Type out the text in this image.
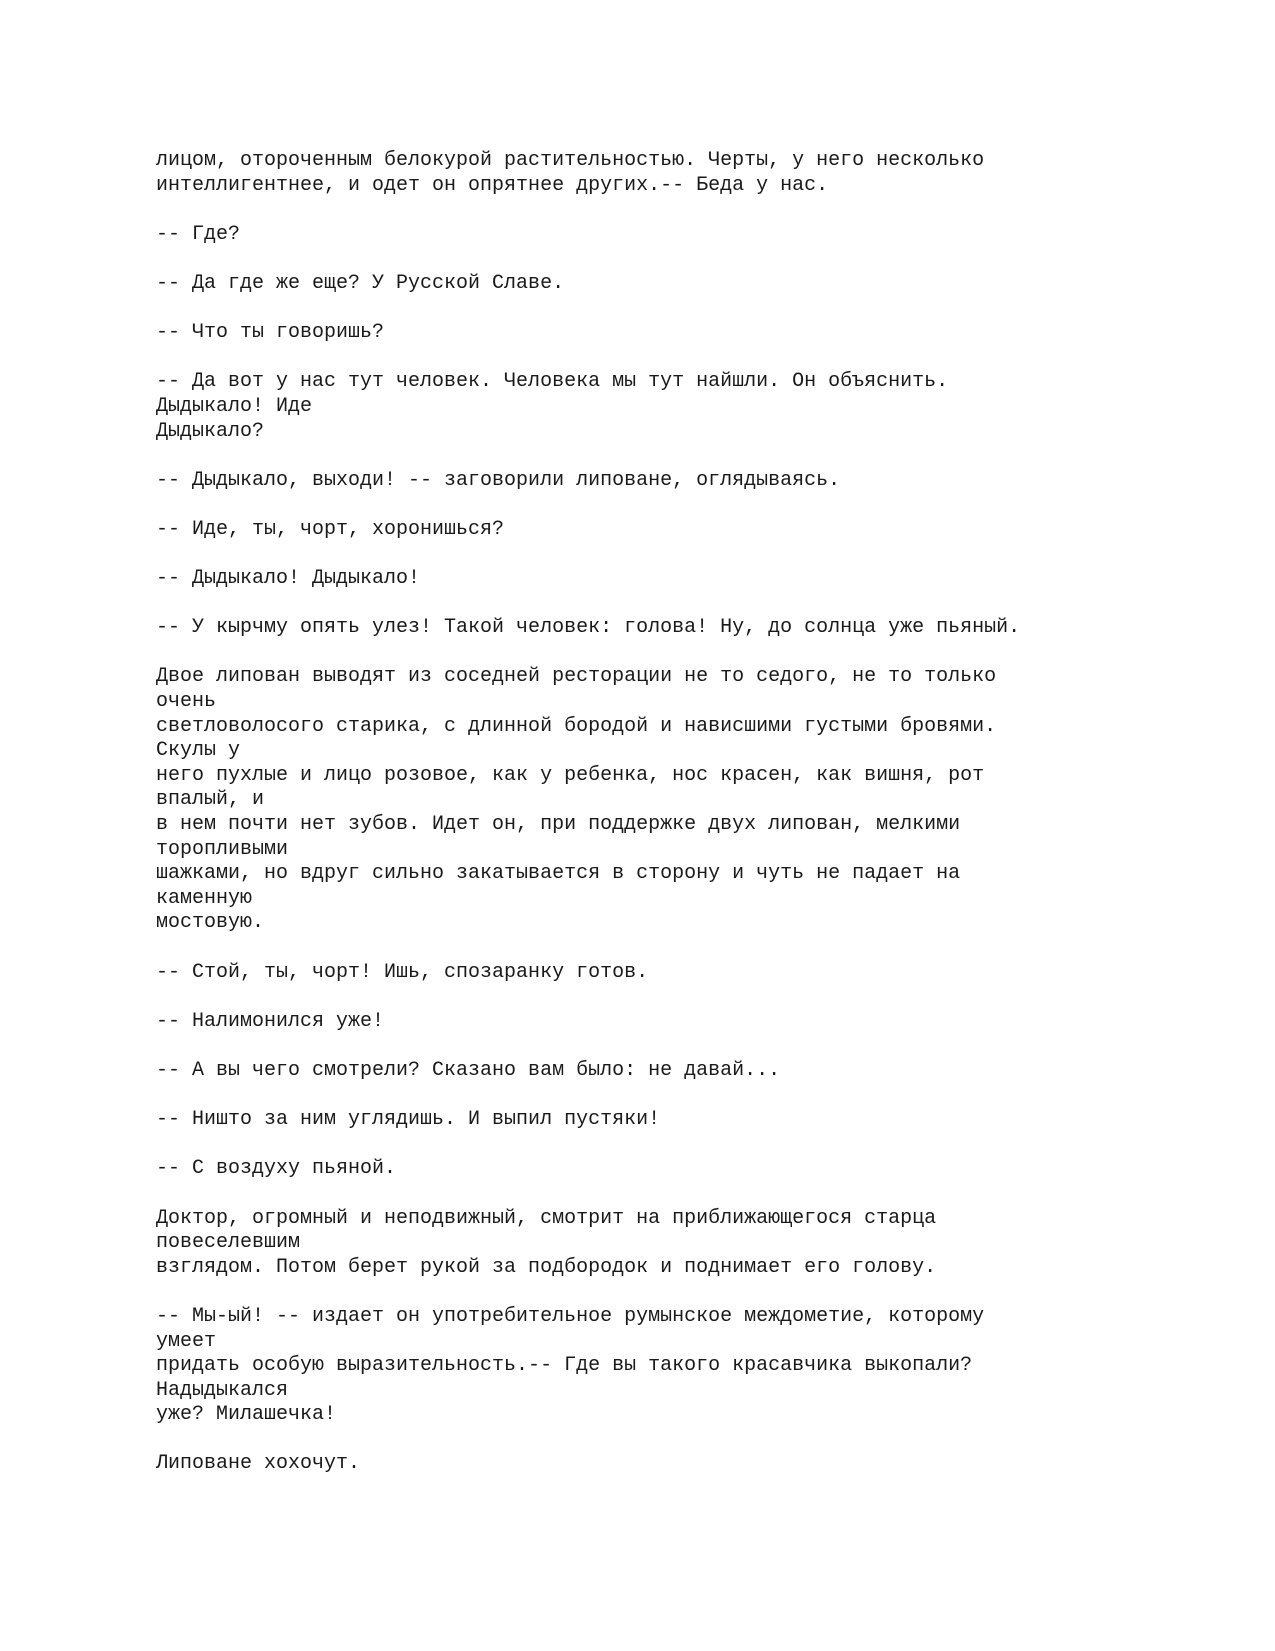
лицом, отороченным белокурой растительностью. Черты, у него несколько
интеллигентнее, и одет он опрятнее других.-- Беда у нас.
-- Где?
-- Да где же еще? У Русской Славе.
-- Что ты говоришь?
-- Да вот у нас тут человек. Человека мы тут найшли. Он объяснить.
Дыдыкало! Иде
Дыдыкало?
-- Дыдыкало, выходи! -- заговорили липоване, оглядываясь.
-- Иде, ты, чорт, хоронишься?
-- Дыдыкало! Дыдыкало!
-- У кырчму опять улез! Такой человек: голова! Ну, до солнца уже пьяный.
Двое липован выводят из соседней ресторации не то седого, не то только
очень
светловолосого старика, с длинной бородой и нависшими густыми бровями.
Скулы у
него пухлые и лицо розовое, как у ребенка, нос красен, как вишня, рот
впалый, и
в нем почти нет зубов. Идет он, при поддержке двух липован, мелкими
торопливыми
шажками, но вдруг сильно закатывается в сторону и чуть не падает на
каменную
мостовую.
-- Стой, ты, чорт! Ишь, спозаранку готов.
-- Налимонился уже!
-- А вы чего смотрели? Сказано вам было: не давай...
-- Ништо за ним углядишь. И выпил пустяки!
-- С воздуху пьяной.
Доктор, огромный и неподвижный, смотрит на приближающегося старца
повеселевшим
взглядом. Потом берет рукой за подбородок и поднимает его голову.
-- Мы-ый! -- издает он употребительное румынское междометие, которому
умеет
придать особую выразительность.-- Где вы такого красавчика выкопали?
Надыдыкался
уже? Милашечка!
Липоване хохочут.
